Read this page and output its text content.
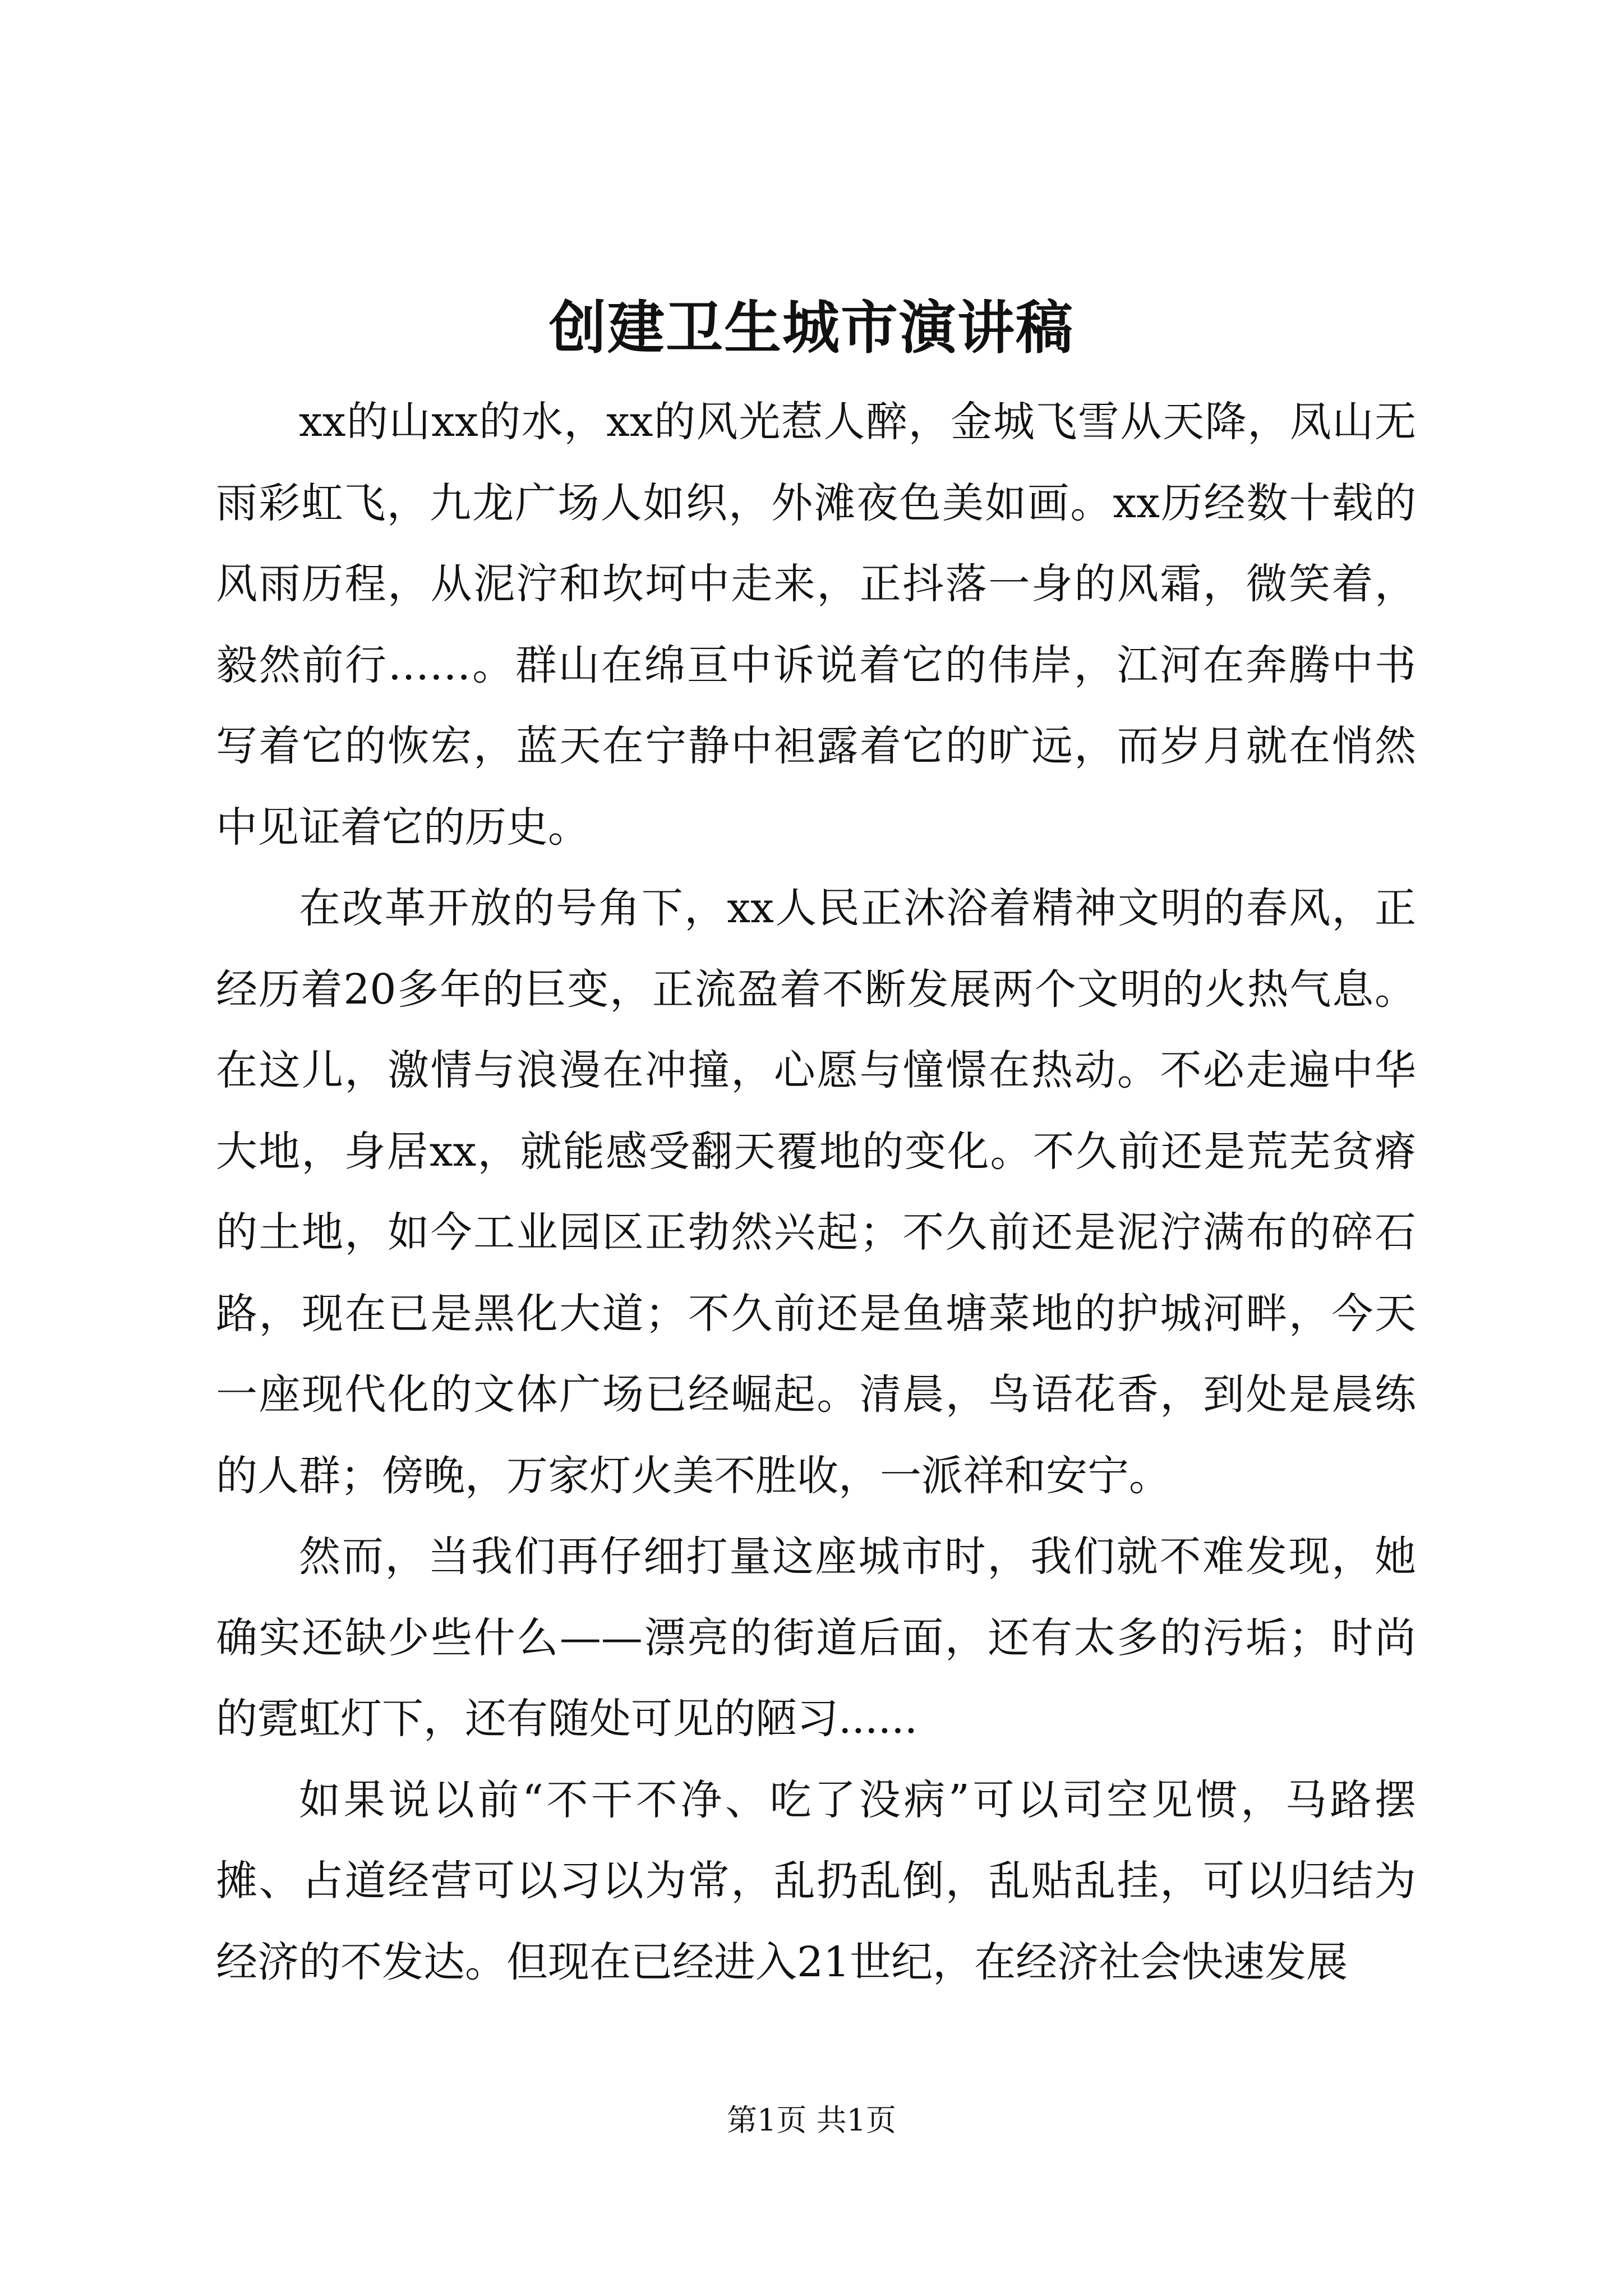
创建卫生城市演讲稿

xx的山xx的水，xx的风光惹人醉，金城飞雪从天降，凤山无雨彩虹飞，九龙广场人如织，外滩夜色美如画。xx历经数十载的风雨历程，从泥泞和坎坷中走来，正抖落一身的风霜，微笑着，毅然前行……。群山在绵亘中诉说着它的伟岸，江河在奔腾中书写着它的恢宏，蓝天在宁静中袒露着它的旷远，而岁月就在悄然中见证着它的历史。

在改革开放的号角下，xx人民正沐浴着精神文明的春风，正经历着20多年的巨变，正流盈着不断发展两个文明的火热气息。在这儿，激情与浪漫在冲撞，心愿与憧憬在热动。不必走遍中华大地，身居xx，就能感受翻天覆地的变化。不久前还是荒芜贫瘠的土地，如今工业园区正勃然兴起；不久前还是泥泞满布的碎石路，现在已是黑化大道；不久前还是鱼塘菜地的护城河畔，今天一座现代化的文体广场已经崛起。清晨，鸟语花香，到处是晨练的人群；傍晚，万家灯火美不胜收，一派祥和安宁。

然而，当我们再仔细打量这座城市时，我们就不难发现，她确实还缺少些什么——漂亮的街道后面，还有太多的污垢；时尚的霓虹灯下，还有随处可见的陋习......

如果说以前“不干不净、吃了没病”可以司空见惯，马路摆摊、占道经营可以习以为常，乱扔乱倒，乱贴乱挂，可以归结为经济的不发达。但现在已经进入21世纪，在经济社会快速发展

第1页 共1页
